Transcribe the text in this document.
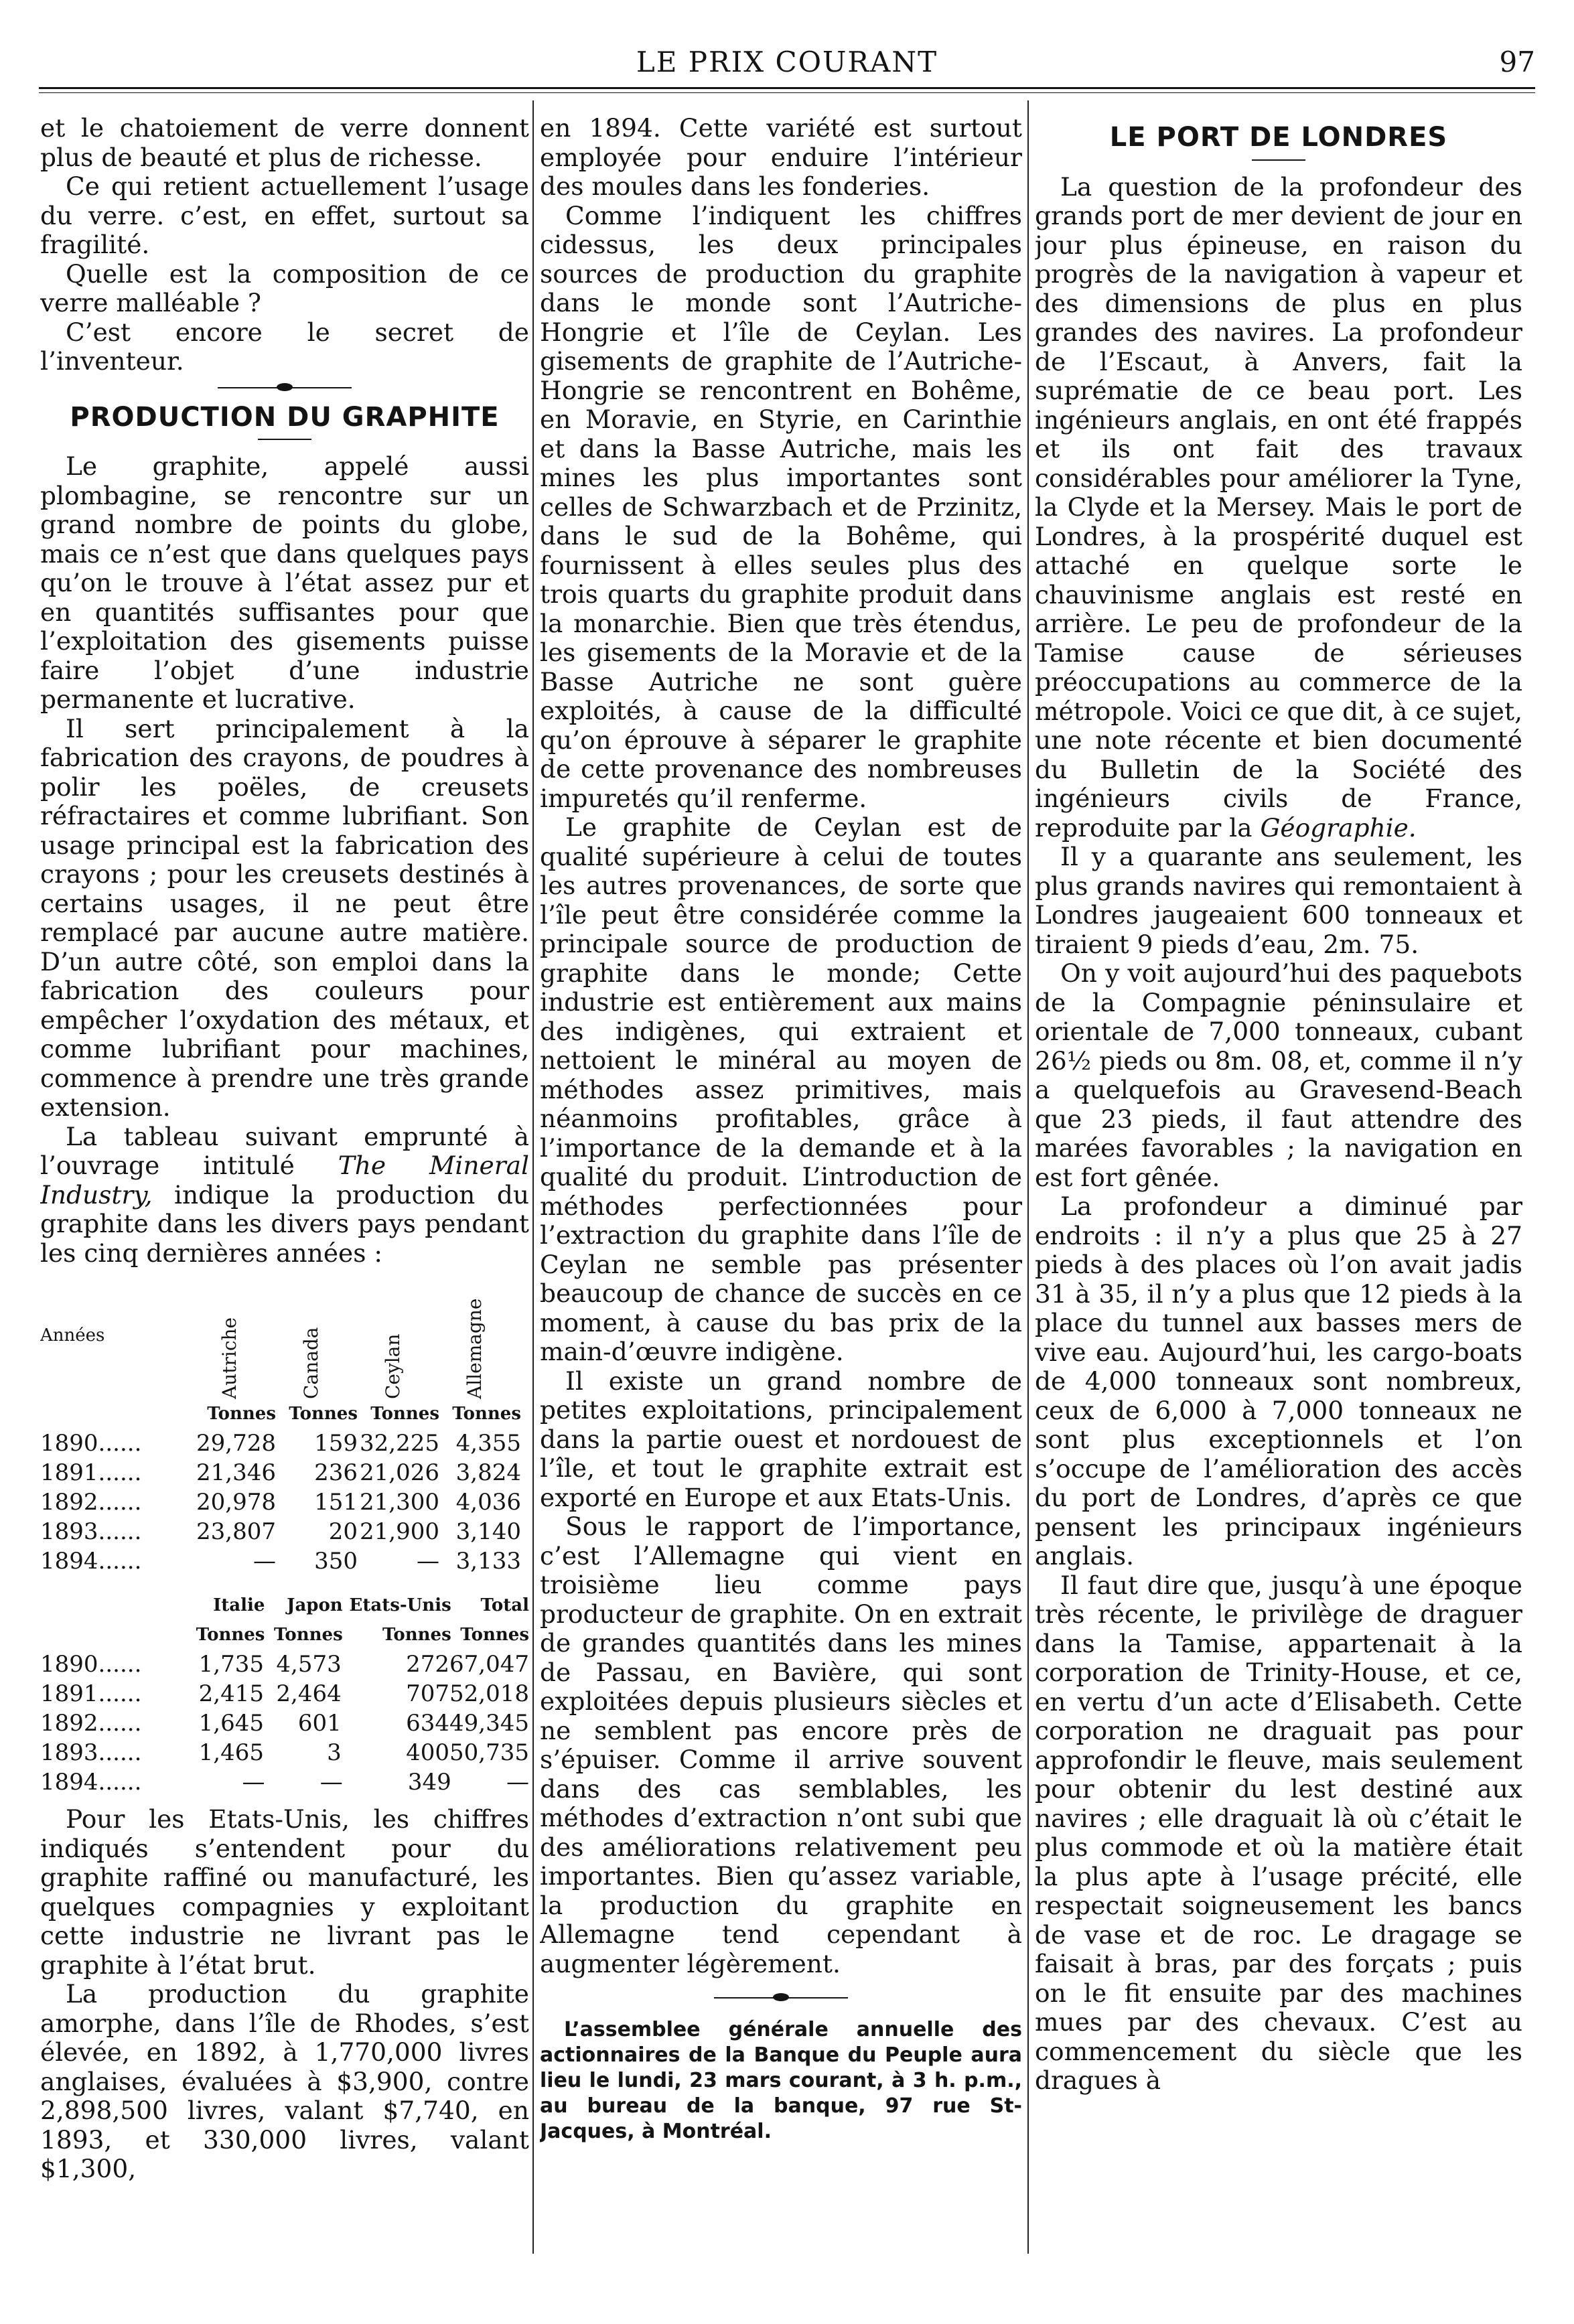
LE PRIX COURANT	97

et le chatoiement de verre donnent plus de beauté et plus de richesse.

Ce qui retient actuellement l’usage du verre. c’est, en effet, surtout sa fragilité.

Quelle est la composition de ce verre malléable ?

C’est encore le secret de l’inventeur.

PRODUCTION DU GRAPHITE

Le graphite, appelé aussi plombagine, se rencontre sur un grand nombre de points du globe, mais ce n’est que dans quelques pays qu’on le trouve à l’état assez pur et en quantités suffisantes pour que l’exploitation des gisements puisse faire l’objet d’une industrie permanente et lucrative.

Il sert principalement à la fabrication des crayons, de poudres à polir les poëles, de creusets réfractaires et comme lubrifiant. Son usage principal est la fabrication des crayons ; pour les creusets destinés à certains usages, il ne peut être remplacé par aucune autre matière. D’un autre côté, son emploi dans la fabrication des couleurs pour empêcher l’oxydation des métaux, et comme lubrifiant pour machines, commence à prendre une très grande extension.

La tableau suivant emprunté à l’ouvrage intitulé The Mineral Industry, indique la production du graphite dans les divers pays pendant les cinq dernières années :

Années	Autriche	Canada	Ceylan	Allemagne
Tonnes Tonnes Tonnes Tonnes
1890......	29,728	159 32,225 4,355
1891......	21,346	236 21,026 3,824
1892......	20,978	151 21,300 4,036
1893......	23,807	20 21,900 3,140
1894......	—	350	— 3,133
Italie	Japon Etats-Unis	Total
Tonnes Tonnes	Tonnes Tonnes
1890......	1,735 4,573	272 67,047
1891......	2,415 2,464	707 52,018
1892......	1,645	601	634 49,345
1893......	1,465	3	400 50,735
1894......	—	—	349	—

Pour les Etats-Unis, les chiffres indiqués s’entendent pour du graphite raffiné ou manufacturé, les quelques compagnies y exploitant cette industrie ne livrant pas le graphite à l’état brut.

La production du graphite amorphe, dans l’île de Rhodes, s’est élevée, en 1892, à 1,770,000 livres anglaises, évaluées à $3,900, contre 2,898,500 livres, valant $7,740, en 1893, et 330,000 livres, valant $1,300,

en 1894. Cette variété est surtout employée pour enduire l’intérieur des moules dans les fonderies.

Comme l’indiquent les chiffres cidessus, les deux principales sources de production du graphite dans le monde sont l’Autriche-Hongrie et l’île de Ceylan. Les gisements de graphite de l’Autriche-Hongrie se rencontrent en Bohême, en Moravie, en Styrie, en Carinthie et dans la Basse Autriche, mais les mines les plus importantes sont celles de Schwarzbach et de Przinitz, dans le sud de la Bohême, qui fournissent à elles seules plus des trois quarts du graphite produit dans la monarchie. Bien que très étendus, les gisements de la Moravie et de la Basse Autriche ne sont guère exploités, à cause de la difficulté qu’on éprouve à séparer le graphite de cette provenance des nombreuses impuretés qu’il renferme.

Le graphite de Ceylan est de qualité supérieure à celui de toutes les autres provenances, de sorte que l’île peut être considérée comme la principale source de production de graphite dans le monde; Cette industrie est entièrement aux mains des indigènes, qui extraient et nettoient le minéral au moyen de méthodes assez primitives, mais néanmoins profitables, grâce à l’importance de la demande et à la qualité du produit. L’introduction de méthodes perfectionnées pour l’extraction du graphite dans l’île de Ceylan ne semble pas présenter beaucoup de chance de succès en ce moment, à cause du bas prix de la main-d’œuvre indigène.

Il existe un grand nombre de petites exploitations, principalement dans la partie ouest et nordouest de l’île, et tout le graphite extrait est exporté en Europe et aux Etats-Unis.

Sous le rapport de l’importance, c’est l’Allemagne qui vient en troisième lieu comme pays producteur de graphite. On en extrait de grandes quantités dans les mines de Passau, en Bavière, qui sont exploitées depuis plusieurs siècles et ne semblent pas encore près de s’épuiser. Comme il arrive souvent dans des cas semblables, les méthodes d’extraction n’ont subi que des améliorations relativement peu importantes. Bien qu’assez variable, la production du graphite en Allemagne tend cependant à augmenter légèrement.

L’assemblee générale annuelle des actionnaires de la Banque du Peuple aura lieu le lundi, 23 mars courant, à 3 h. p.m., au bureau de la banque, 97 rue St-Jacques, à Montréal.

LE PORT DE LONDRES

La question de la profondeur des grands port de mer devient de jour en jour plus épineuse, en raison du progrès de la navigation à vapeur et des dimensions de plus en plus grandes des navires. La profondeur de l’Escaut, à Anvers, fait la suprématie de ce beau port. Les ingénieurs anglais, en ont été frappés et ils ont fait des travaux considérables pour améliorer la Tyne, la Clyde et la Mersey. Mais le port de Londres, à la prospérité duquel est attaché en quelque sorte le chauvinisme anglais est resté en arrière. Le peu de profondeur de la Tamise cause de sérieuses préoccupations au commerce de la métropole. Voici ce que dit, à ce sujet, une note récente et bien documenté du Bulletin de la Société des ingénieurs civils de France, reproduite par la Géographie.

Il y a quarante ans seulement, les plus grands navires qui remontaient à Londres jaugeaient 600 tonneaux et tiraient 9 pieds d’eau, 2m. 75.

On y voit aujourd’hui des paquebots de la Compagnie péninsulaire et orientale de 7,000 tonneaux, cubant 26½ pieds ou 8m. 08, et, comme il n’y a quelquefois au Gravesend-Beach que 23 pieds, il faut attendre des marées favorables ; la navigation en est fort gênée.

La profondeur a diminué par endroits : il n’y a plus que 25 à 27 pieds à des places où l’on avait jadis 31 à 35, il n’y a plus que 12 pieds à la place du tunnel aux basses mers de vive eau. Aujourd’hui, les cargo-boats de 4,000 tonneaux sont nombreux, ceux de 6,000 à 7,000 tonneaux ne sont plus exceptionnels et l’on s’occupe de l’amélioration des accès du port de Londres, d’après ce que pensent les principaux ingénieurs anglais.

Il faut dire que, jusqu’à une époque très récente, le privilège de draguer dans la Tamise, appartenait à la corporation de Trinity-House, et ce, en vertu d’un acte d’Elisabeth. Cette corporation ne draguait pas pour approfondir le fleuve, mais seulement pour obtenir du lest destiné aux navires ; elle draguait là où c’était le plus commode et où la matière était la plus apte à l’usage précité, elle respectait soigneusement les bancs de vase et de roc. Le dragage se faisait à bras, par des forçats ; puis on le fit ensuite par des machines mues par des chevaux. C’est au commencement du siècle que les dragues à
